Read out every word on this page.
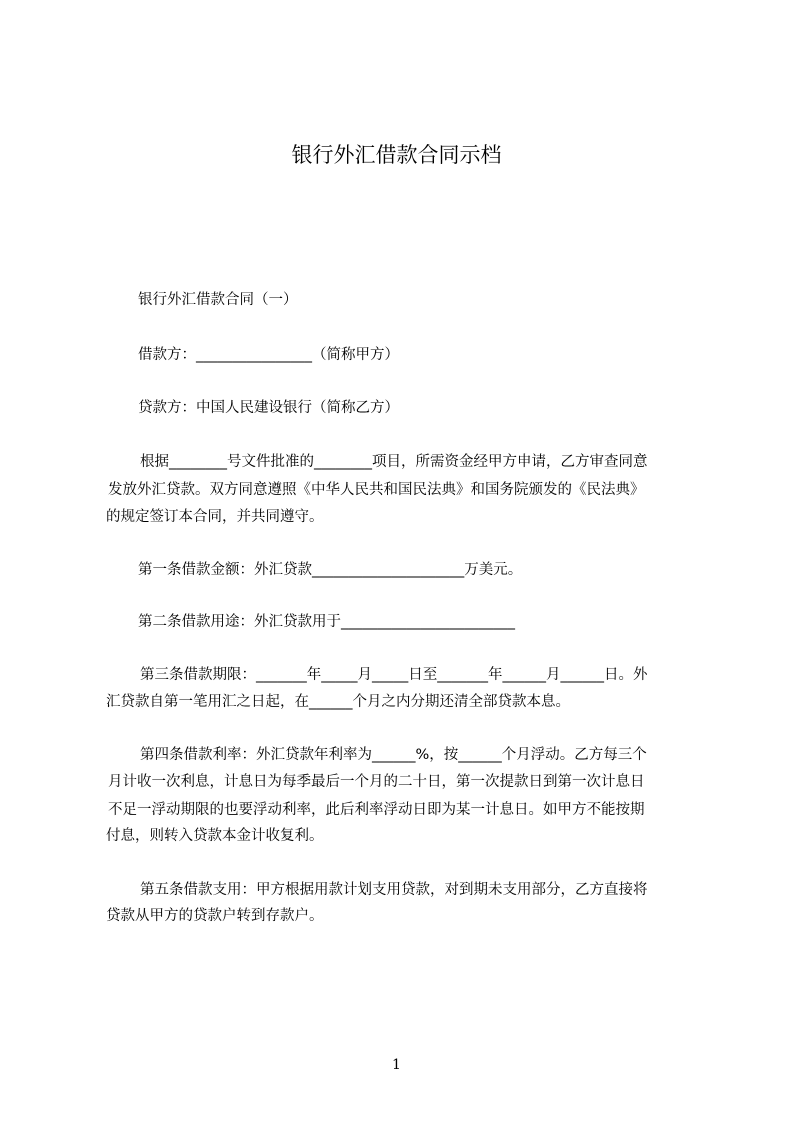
银行外汇借款合同示档
银行外汇借款合同（一）
借款方：________________（简称甲方）
贷款方：中国人民建设银行（简称乙方）
根据________号文件批准的________项目，所需资金经甲方申请，乙方审查同意
发放外汇贷款。双方同意遵照《中华人民共和国民法典》和国务院颁发的《民法典》
的规定签订本合同，并共同遵守。
第一条借款金额：外汇贷款_____________________万美元。
第二条借款用途：外汇贷款用于________________________
第三条借款期限：_______年_____月_____日至_______年______月______日。外
汇贷款自第一笔用汇之日起，在______个月之内分期还清全部贷款本息。
第四条借款利率：外汇贷款年利率为______%，按______个月浮动。乙方每三个
月计收一次利息，计息日为每季最后一个月的二十日，第一次提款日到第一次计息日
不足一浮动期限的也要浮动利率，此后利率浮动日即为某一计息日。如甲方不能按期
付息，则转入贷款本金计收复利。
第五条借款支用：甲方根据用款计划支用贷款，对到期未支用部分，乙方直接将
贷款从甲方的贷款户转到存款户。
1
